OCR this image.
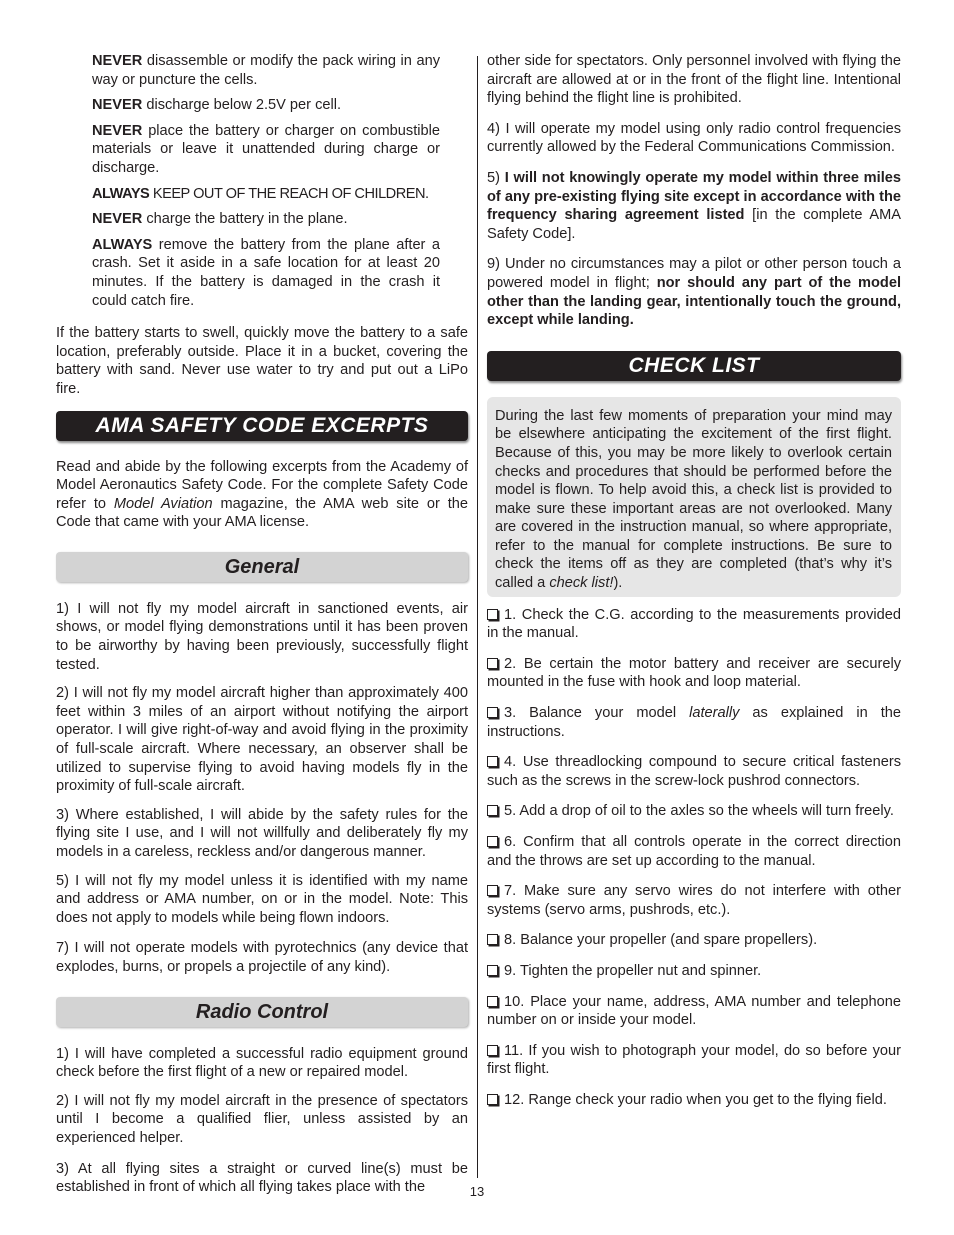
NEVER disassemble or modify the pack wiring in any way or puncture the cells.

NEVER discharge below 2.5V per cell.

NEVER place the battery or charger on combustible materials or leave it unattended during charge or discharge.

ALWAYS KEEP OUT OF THE REACH OF CHILDREN.

NEVER charge the battery in the plane.

ALWAYS remove the battery from the plane after a crash. Set it aside in a safe location for at least 20 minutes. If the battery is damaged in the crash it could catch fire.

If the battery starts to swell, quickly move the battery to a safe location, preferably outside. Place it in a bucket, covering the battery with sand. Never use water to try and put out a LiPo fire.

AMA SAFETY CODE EXCERPTS

Read and abide by the following excerpts from the Academy of Model Aeronautics Safety Code. For the complete Safety Code refer to Model Aviation magazine, the AMA web site or the Code that came with your AMA license.

General

1) I will not fly my model aircraft in sanctioned events, air shows, or model flying demonstrations until it has been proven to be airworthy by having been previously, successfully flight tested.

2) I will not fly my model aircraft higher than approximately 400 feet within 3 miles of an airport without notifying the airport operator. I will give right-of-way and avoid flying in the proximity of full-scale aircraft. Where necessary, an observer shall be utilized to supervise flying to avoid having models fly in the proximity of full-scale aircraft.

3) Where established, I will abide by the safety rules for the flying site I use, and I will not willfully and deliberately fly my models in a careless, reckless and/or dangerous manner.

5) I will not fly my model unless it is identified with my name and address or AMA number, on or in the model. Note: This does not apply to models while being flown indoors.

7) I will not operate models with pyrotechnics (any device that explodes, burns, or propels a projectile of any kind).

Radio Control

1) I will have completed a successful radio equipment ground check before the first flight of a new or repaired model.

2) I will not fly my model aircraft in the presence of spectators until I become a qualified flier, unless assisted by an experienced helper.

3) At all flying sites a straight or curved line(s) must be established in front of which all flying takes place with the

other side for spectators. Only personnel involved with flying the aircraft are allowed at or in the front of the flight line. Intentional flying behind the flight line is prohibited.

4) I will operate my model using only radio control frequencies currently allowed by the Federal Communications Commission.

5) I will not knowingly operate my model within three miles of any pre-existing flying site except in accordance with the frequency sharing agreement listed [in the complete AMA Safety Code].

9) Under no circumstances may a pilot or other person touch a powered model in flight; nor should any part of the model other than the landing gear, intentionally touch the ground, except while landing.

CHECK LIST

During the last few moments of preparation your mind may be elsewhere anticipating the excitement of the first flight. Because of this, you may be more likely to overlook certain checks and procedures that should be performed before the model is flown. To help avoid this, a check list is provided to make sure these important areas are not overlooked. Many are covered in the instruction manual, so where appropriate, refer to the manual for complete instructions. Be sure to check the items off as they are completed (that’s why it’s called a check list!).

1. Check the C.G. according to the measurements provided in the manual.

2. Be certain the motor battery and receiver are securely mounted in the fuse with hook and loop material.

3. Balance your model laterally as explained in the instructions.

4. Use threadlocking compound to secure critical fasteners such as the screws in the screw-lock pushrod connectors.

5. Add a drop of oil to the axles so the wheels will turn freely.

6. Confirm that all controls operate in the correct direction and the throws are set up according to the manual.

7. Make sure any servo wires do not interfere with other systems (servo arms, pushrods, etc.).

8. Balance your propeller (and spare propellers).

9. Tighten the propeller nut and spinner.

10. Place your name, address, AMA number and telephone number on or inside your model.

11. If you wish to photograph your model, do so before your first flight.

12. Range check your radio when you get to the flying field.

13
